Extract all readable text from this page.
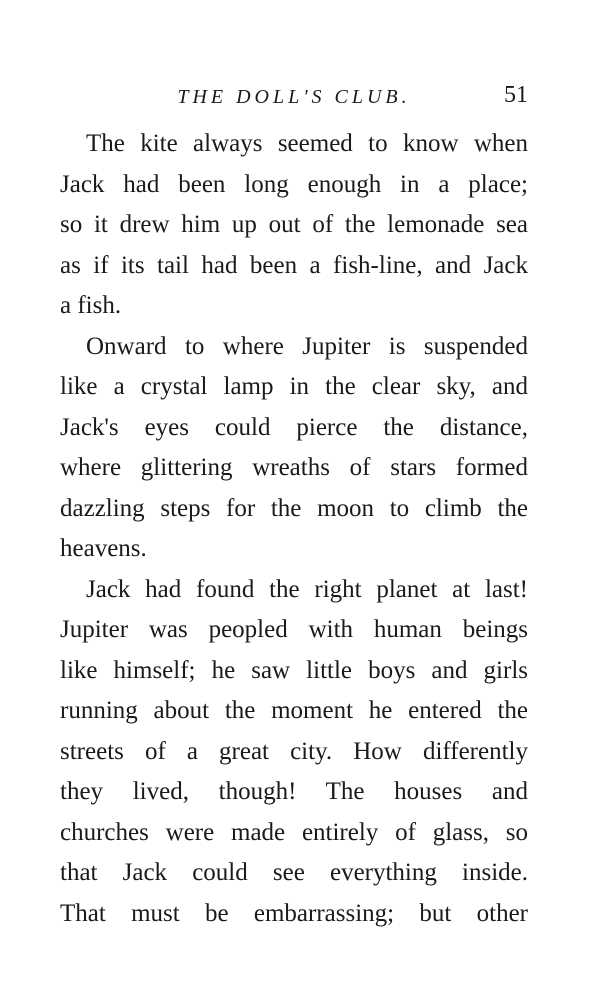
THE DOLL'S CLUB.	51
The kite always seemed to know when
Jack had been long enough in a place;
so it drew him up out of the lemonade sea
as if its tail had been a fish-line, and Jack
a fish.
Onward to where Jupiter is suspended
like a crystal lamp in the clear sky, and
Jack's eyes could pierce the distance,
where glittering wreaths of stars formed
dazzling steps for the moon to climb the
heavens.
Jack had found the right planet at last!
Jupiter was peopled with human beings
like himself; he saw little boys and girls
running about the moment he entered the
streets of a great city. How differently
they lived, though! The houses and
churches were made entirely of glass, so
that Jack could see everything inside.
That must be embarrassing; but other
